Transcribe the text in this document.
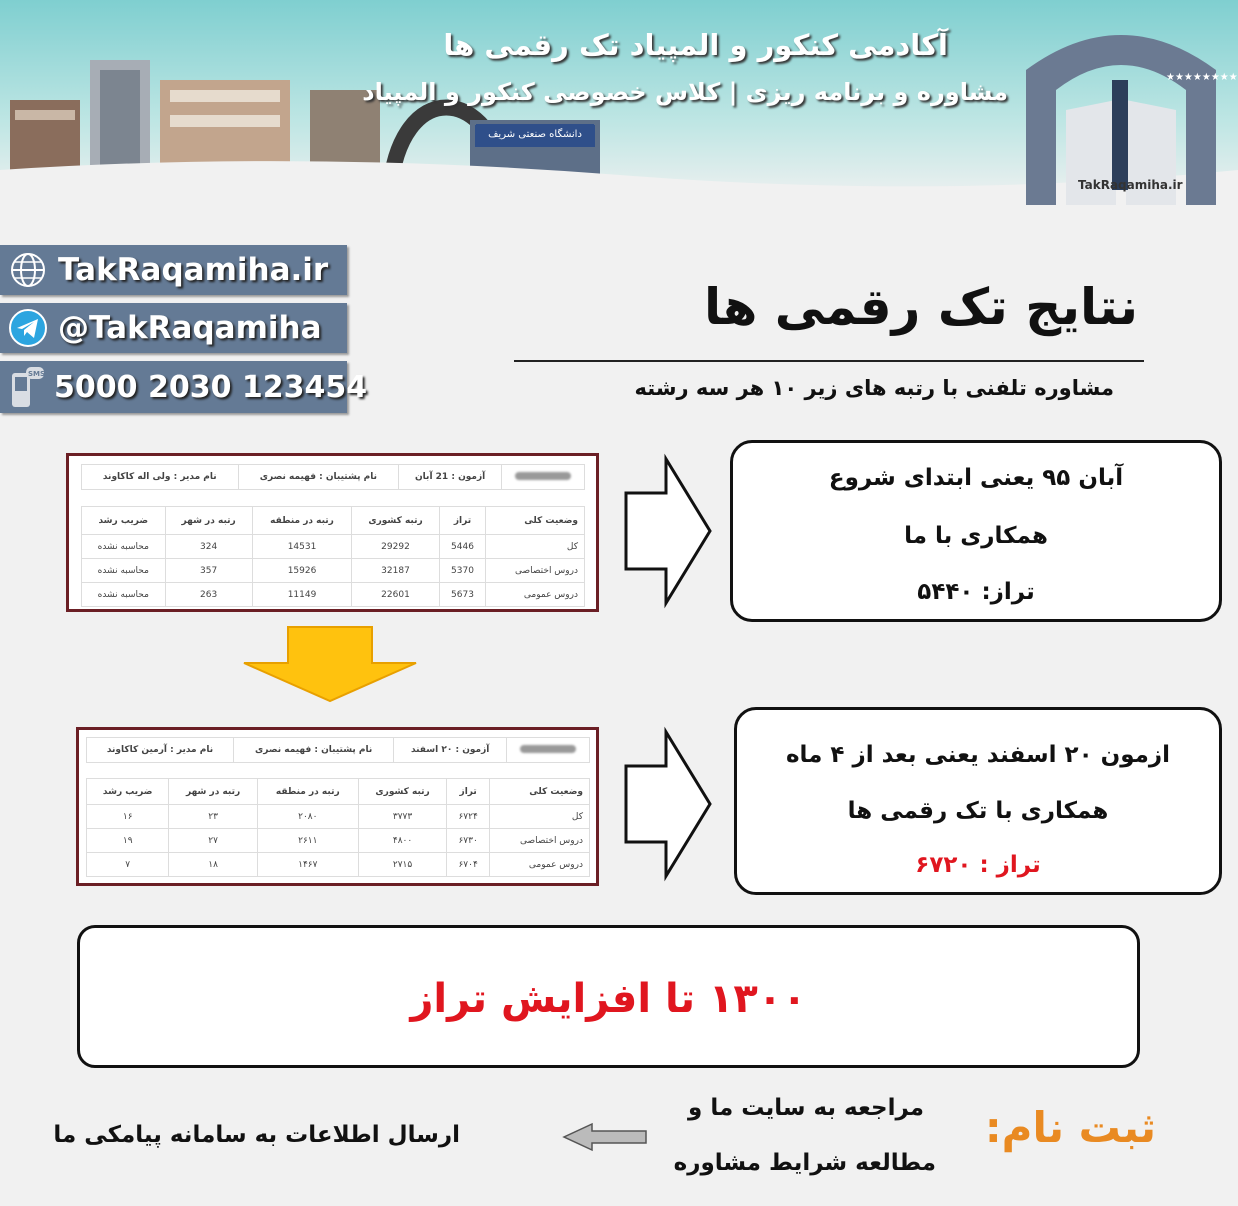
دانشگاه صنعتی شریف
آکادمی کنکور و المپیاد تک رقمی ها
مشاوره و برنامه ریزی | کلاس خصوصی کنکور و المپیاد
★★★★★★★★
TakRaqamiha.ir
TakRaqamiha.ir
@TakRaqamiha
SMS 5000 2030 123454
نتایج تک رقمی ها
مشاوره تلفنی با رتبه های زیر ۱۰ هر سه رشته
	آزمون : 21 آبان	نام پشتیبان : فهیمه نصری	نام مدیر : ولی اله کاکاوند
وضعیت کلی	تراز	رتبه کشوری	رتبه در منطقه	رتبه در شهر	ضریب رشد
کل	5446	29292	14531	324	محاسبه نشده
دروس اختصاصی	5370	32187	15926	357	محاسبه نشده
دروس عمومی	5673	22601	11149	263	محاسبه نشده
	آزمون : ۲۰ اسفند	نام پشتیبان : فهیمه نصری	نام مدیر : آرمین کاکاوند
وضعیت کلی	تراز	رتبه کشوری	رتبه در منطقه	رتبه در شهر	ضریب رشد
کل	۶۷۲۴	۳۷۷۳	۲۰۸۰	۲۳	۱۶
دروس اختصاصی	۶۷۳۰	۴۸۰۰	۲۶۱۱	۲۷	۱۹
دروس عمومی	۶۷۰۴	۲۷۱۵	۱۴۶۷	۱۸	۷
آبان ۹۵ یعنی ابتدای شروع
همکاری با ما
تراز: ۵۴۴۰
ازمون ۲۰ اسفند یعنی بعد از ۴ ماه
همکاری با تک رقمی ها
تراز : ۶۷۲۰
۱۳۰۰ تا افزایش تراز
ثبت نام:
مراجعه به سایت ما و
مطالعه شرایط مشاوره
ارسال اطلاعات به سامانه پیامکی ما
